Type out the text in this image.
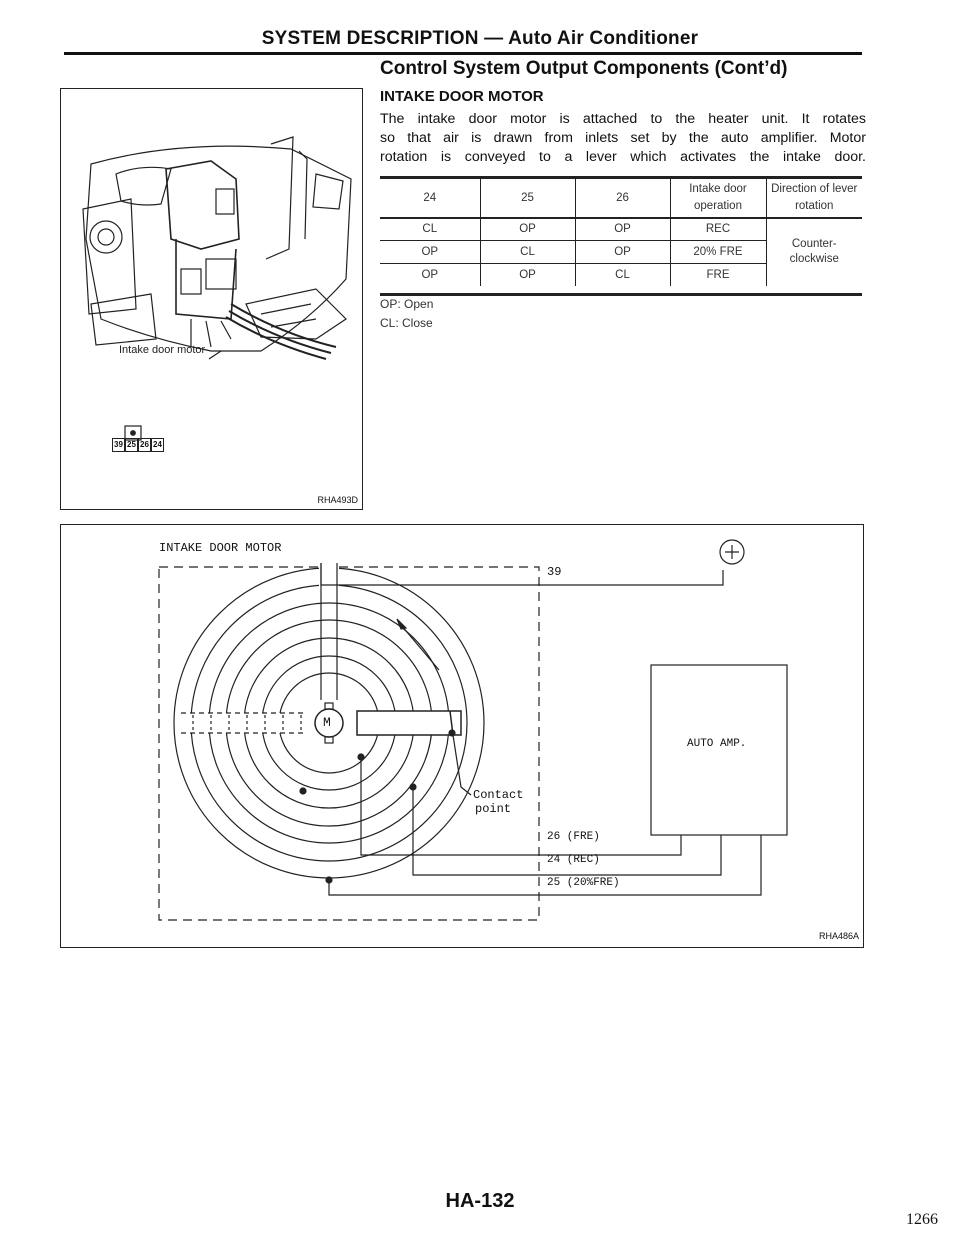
SYSTEM DESCRIPTION — Auto Air Conditioner
Control System Output Components (Cont’d)
INTAKE DOOR MOTOR
The intake door motor is attached to the heater unit. It rotates
so that air is drawn from inlets set by the auto amplifier. Motor
rotation is conveyed to a lever which activates the intake door.
Intake door motor
39 25 26 24
RHA493D
24	25	26	Intake door operation	Direction of lever rotation
CL	OP	OP	REC	Counter-clockwise
OP	CL	OP	20% FRE	
OP	OP	CL	FRE	
OP: Open
CL: Close
INTAKE DOOR MOTOR
39
+
M
Contact
point
26 (FRE)
24 (REC)
25 (20%FRE)
AUTO AMP.
RHA486A
HA-132
1266
